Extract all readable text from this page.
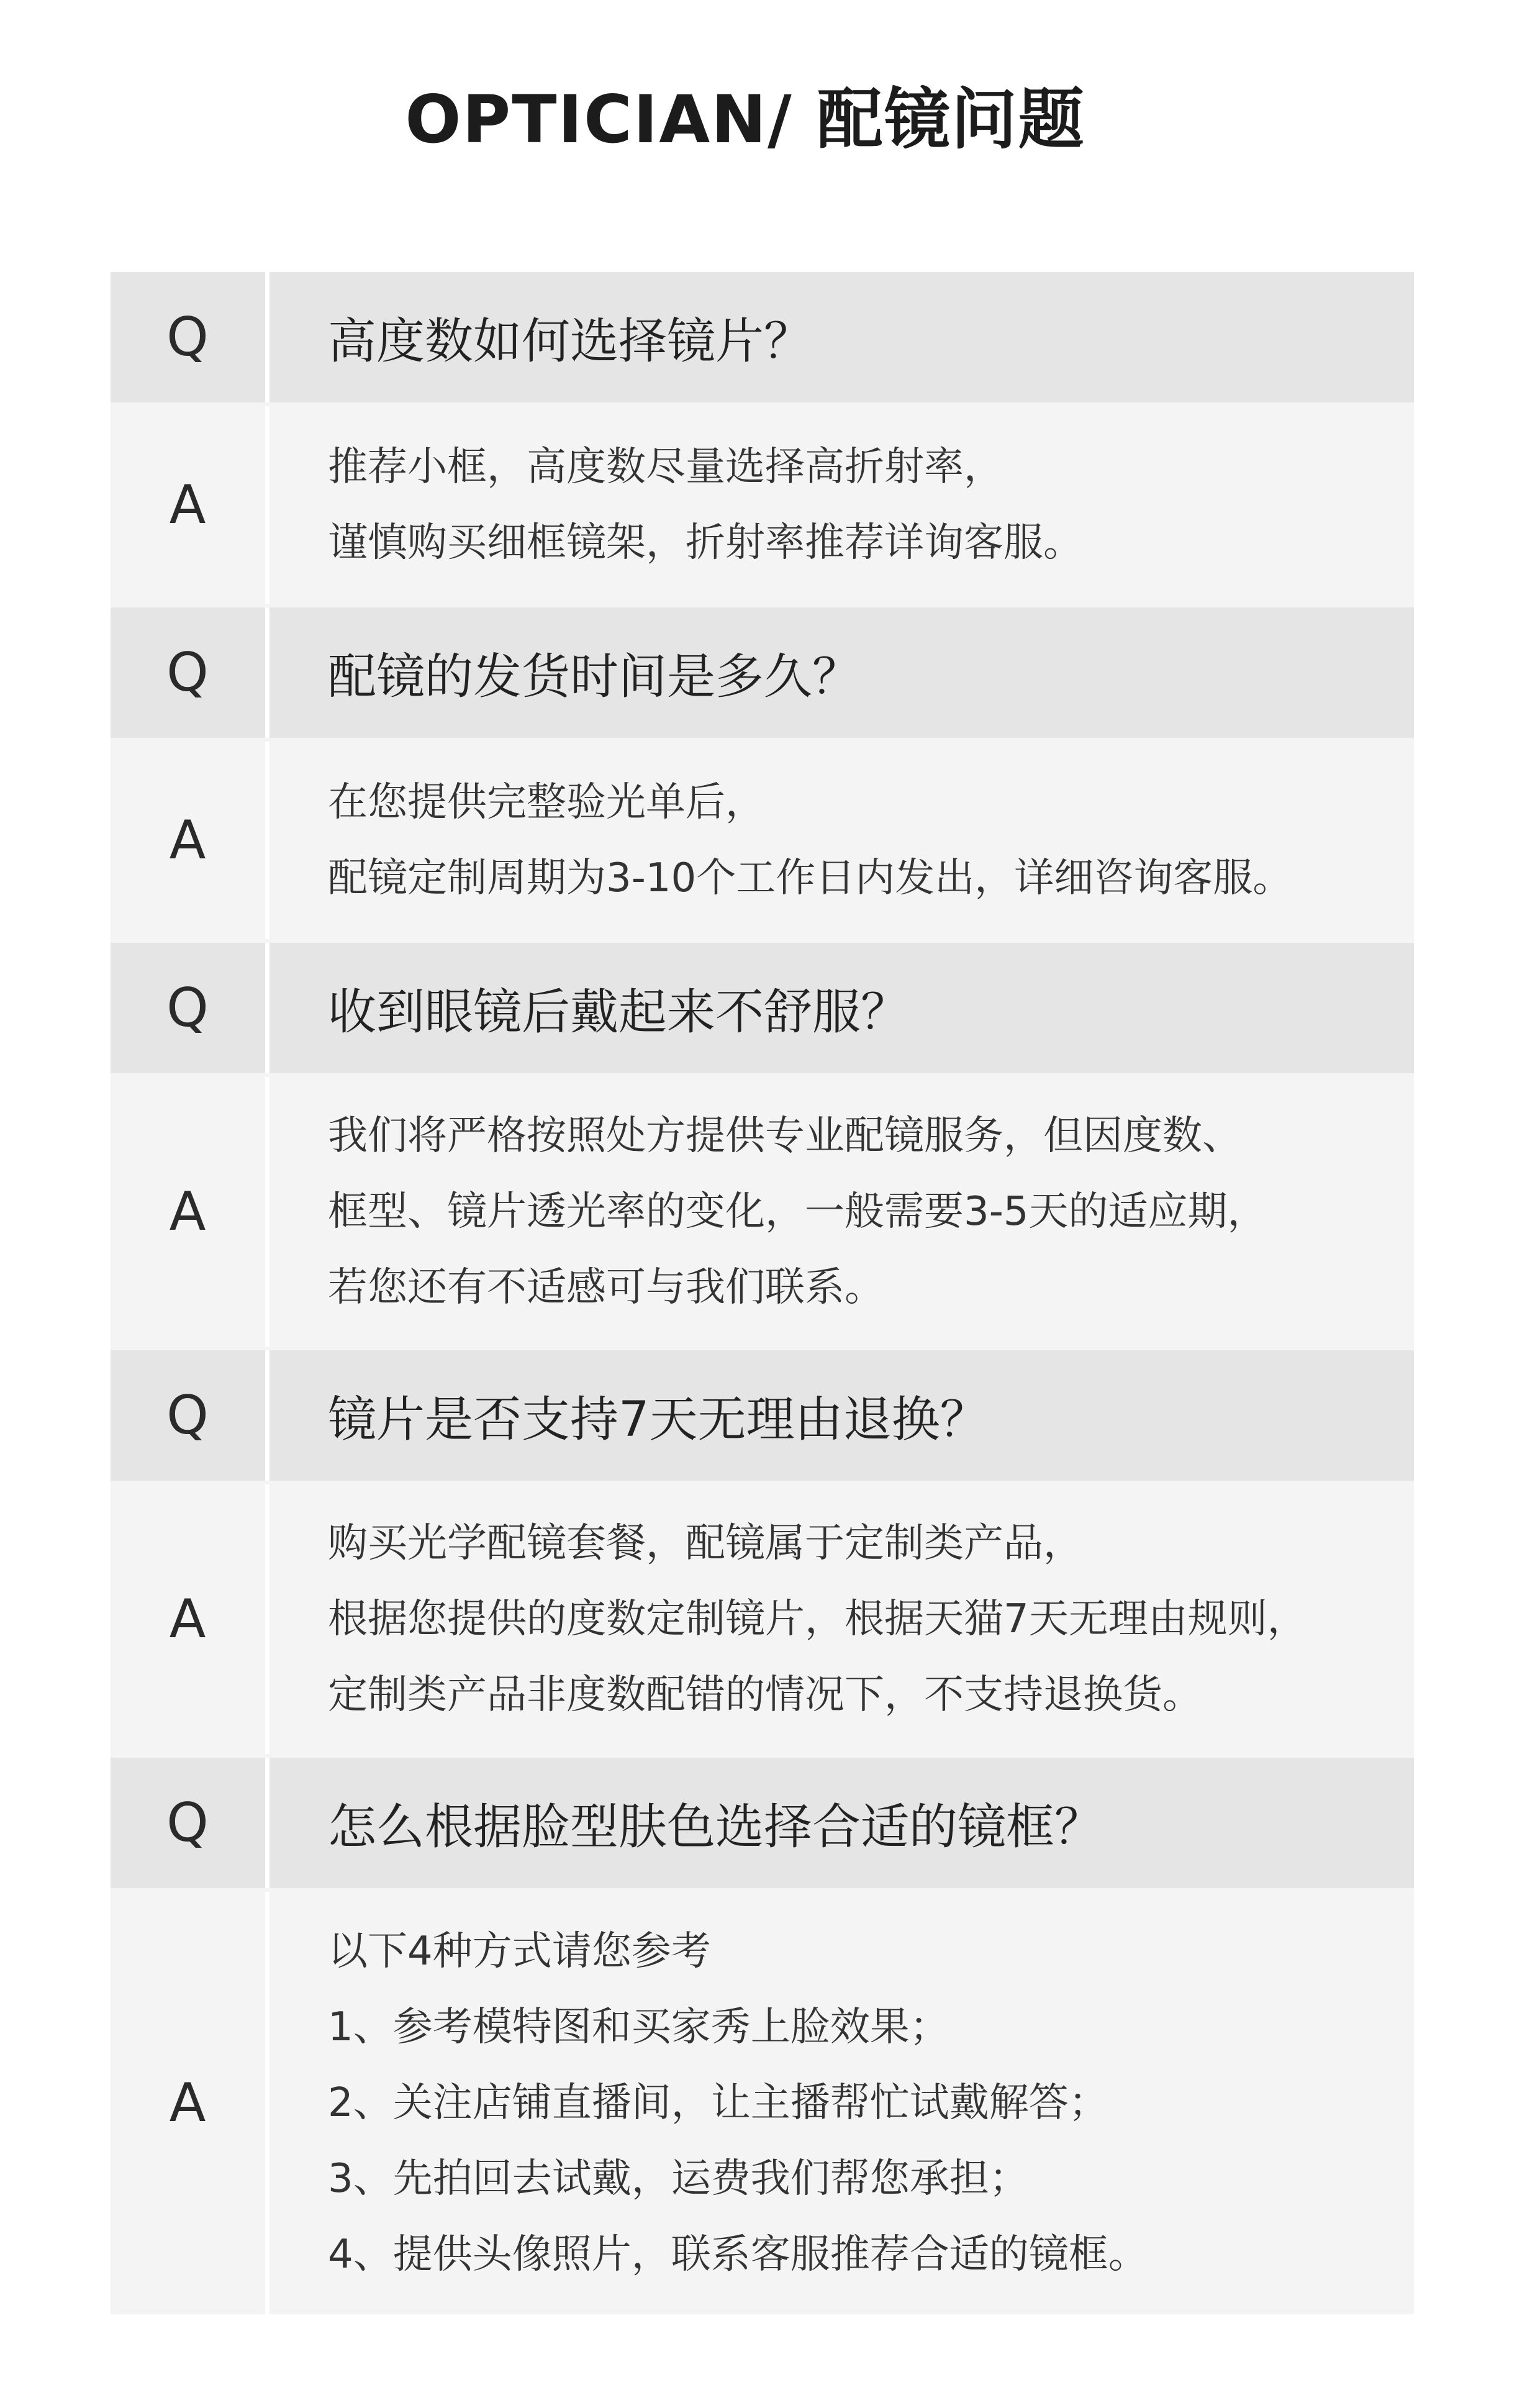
OPTICIAN/ 配镜问题
Q	高度数如何选择镜片？
A
推荐小框，高度数尽量选择高折射率，
谨慎购买细框镜架，折射率推荐详询客服。
Q	配镜的发货时间是多久？
A
在您提供完整验光单后，
配镜定制周期为3-10个工作日内发出，详细咨询客服。
Q	收到眼镜后戴起来不舒服？
A
我们将严格按照处方提供专业配镜服务，但因度数、
框型、镜片透光率的变化，一般需要3-5天的适应期，
若您还有不适感可与我们联系。
Q	镜片是否支持7天无理由退换？
A
购买光学配镜套餐，配镜属于定制类产品，
根据您提供的度数定制镜片，根据天猫7天无理由规则，
定制类产品非度数配错的情况下，不支持退换货。
Q	怎么根据脸型肤色选择合适的镜框？
A
以下4种方式请您参考
1、参考模特图和买家秀上脸效果；
2、关注店铺直播间，让主播帮忙试戴解答；
3、先拍回去试戴，运费我们帮您承担；
4、提供头像照片，联系客服推荐合适的镜框。
